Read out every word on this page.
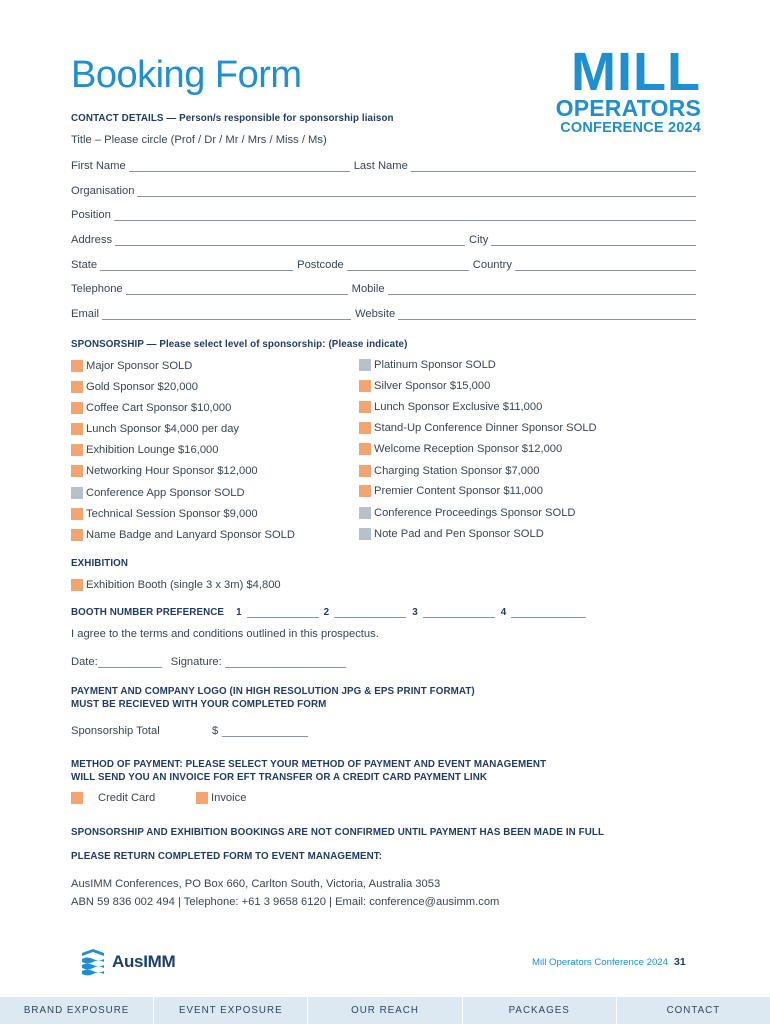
Booking Form	MILL
OPERATORS
CONFERENCE 2024
CONTACT DETAILS — Person/s responsible for sponsorship liaison
Title – Please circle (Prof / Dr / Mr / Mrs / Miss / Ms)
First Name	Last Name
Organisation
Position
Address	City
State	Postcode	Country
Telephone	Mobile
Email	Website
SPONSORSHIP — Please select level of sponsorship: (Please indicate)
Major Sponsor SOLD
Gold Sponsor $20,000
Coffee Cart Sponsor $10,000
Lunch Sponsor $4,000 per day
Exhibition Lounge $16,000
Networking Hour Sponsor $12,000
Conference App Sponsor SOLD
Technical Session Sponsor $9,000
Name Badge and Lanyard Sponsor SOLD
Platinum Sponsor SOLD
Silver Sponsor $15,000
Lunch Sponsor Exclusive $11,000
Stand-Up Conference Dinner Sponsor SOLD
Welcome Reception Sponsor $12,000
Charging Station Sponsor $7,000
Premier Content Sponsor $11,000
Conference Proceedings Sponsor SOLD
Note Pad and Pen Sponsor SOLD
EXHIBITION
Exhibition Booth (single 3 x 3m) $4,800
BOOTH NUMBER PREFERENCE 1	2	3	4
I agree to the terms and conditions outlined in this prospectus.
Date:	Signature:
PAYMENT AND COMPANY LOGO (IN HIGH RESOLUTION JPG & EPS PRINT FORMAT)
MUST BE RECIEVED WITH YOUR COMPLETED FORM
Sponsorship Total	$
METHOD OF PAYMENT: PLEASE SELECT YOUR METHOD OF PAYMENT AND EVENT MANAGEMENT
WILL SEND YOU AN INVOICE FOR EFT TRANSFER OR A CREDIT CARD PAYMENT LINK
Credit Card	Invoice
SPONSORSHIP AND EXHIBITION BOOKINGS ARE NOT CONFIRMED UNTIL PAYMENT HAS BEEN MADE IN FULL
PLEASE RETURN COMPLETED FORM TO EVENT MANAGEMENT:
AusIMM Conferences, PO Box 660, Carlton South, Victoria, Australia 3053
ABN 59 836 002 494 | Telephone: +61 3 9658 6120 | Email: conference@ausimm.com
AusIMM	Mill Operators Conference 2024 31
BRAND EXPOSURE	EVENT EXPOSURE	OUR REACH	PACKAGES	CONTACT
